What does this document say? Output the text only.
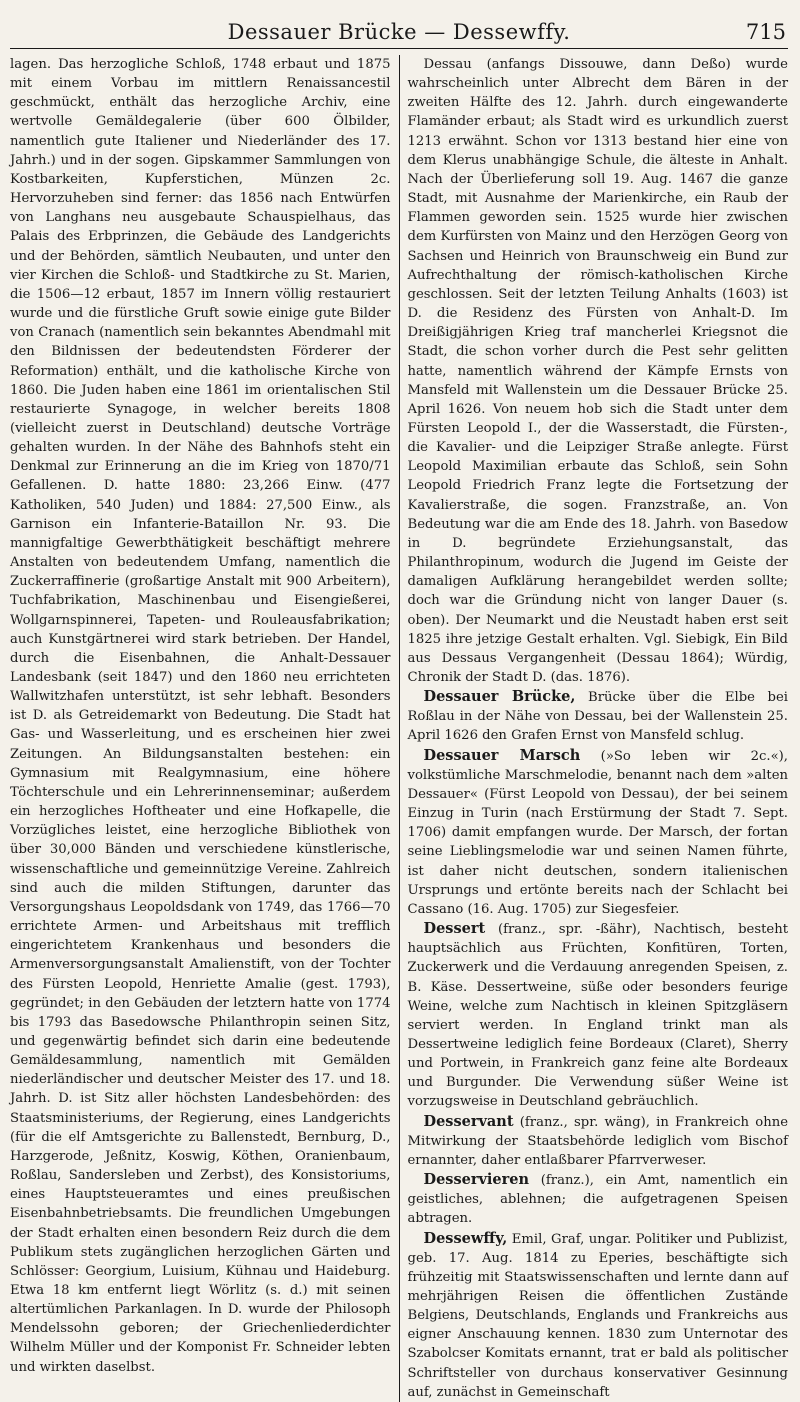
Dessauer Brücke — Dessewffy.	715

lagen. Das herzogliche Schloß, 1748 erbaut und 1875 mit einem Vorbau im mittlern Renaissancestil geschmückt, enthält das herzogliche Archiv, eine wertvolle Gemäldegalerie (über 600 Ölbilder, namentlich gute Italiener und Niederländer des 17. Jahrh.) und in der sogen. Gipskammer Sammlungen von Kostbarkeiten, Kupferstichen, Münzen 2c. Hervorzuheben sind ferner: das 1856 nach Entwürfen von Langhans neu ausgebaute Schauspielhaus, das Palais des Erbprinzen, die Gebäude des Landgerichts und der Behörden, sämtlich Neubauten, und unter den vier Kirchen die Schloß- und Stadtkirche zu St. Marien, die 1506—12 erbaut, 1857 im Innern völlig restauriert wurde und die fürstliche Gruft sowie einige gute Bilder von Cranach (namentlich sein bekanntes Abendmahl mit den Bildnissen der bedeutendsten Förderer der Reformation) enthält, und die katholische Kirche von 1860. Die Juden haben eine 1861 im orientalischen Stil restaurierte Synagoge, in welcher bereits 1808 (vielleicht zuerst in Deutschland) deutsche Vorträge gehalten wurden. In der Nähe des Bahnhofs steht ein Denkmal zur Erinnerung an die im Krieg von 1870/71 Gefallenen. D. hatte 1880: 23,266 Einw. (477 Katholiken, 540 Juden) und 1884: 27,500 Einw., als Garnison ein Infanterie-Bataillon Nr. 93. Die mannigfaltige Gewerbthätigkeit beschäftigt mehrere Anstalten von bedeutendem Umfang, namentlich die Zuckerraffinerie (großartige Anstalt mit 900 Arbeitern), Tuchfabrikation, Maschinenbau und Eisengießerei, Wollgarnspinnerei, Tapeten- und Rouleausfabrikation; auch Kunstgärtnerei wird stark betrieben. Der Handel, durch die Eisenbahnen, die Anhalt-Dessauer Landesbank (seit 1847) und den 1860 neu errichteten Wallwitzhafen unterstützt, ist sehr lebhaft. Besonders ist D. als Getreidemarkt von Bedeutung. Die Stadt hat Gas- und Wasserleitung, und es erscheinen hier zwei Zeitungen. An Bildungsanstalten bestehen: ein Gymnasium mit Realgymnasium, eine höhere Töchterschule und ein Lehrerinnenseminar; außerdem ein herzogliches Hoftheater und eine Hofkapelle, die Vorzügliches leistet, eine herzogliche Bibliothek von über 30,000 Bänden und verschiedene künstlerische, wissenschaftliche und gemeinnützige Vereine. Zahlreich sind auch die milden Stiftungen, darunter das Versorgungshaus Leopoldsdank von 1749, das 1766—70 errichtete Armen- und Arbeitshaus mit trefflich eingerichtetem Krankenhaus und besonders die Armenversorgungsanstalt Amalienstift, von der Tochter des Fürsten Leopold, Henriette Amalie (gest. 1793), gegründet; in den Gebäuden der letztern hatte von 1774 bis 1793 das Basedowsche Philanthropin seinen Sitz, und gegenwärtig befindet sich darin eine bedeutende Gemäldesammlung, namentlich mit Gemälden niederländischer und deutscher Meister des 17. und 18. Jahrh. D. ist Sitz aller höchsten Landesbehörden: des Staatsministeriums, der Regierung, eines Landgerichts (für die elf Amtsgerichte zu Ballenstedt, Bernburg, D., Harzgerode, Jeßnitz, Koswig, Köthen, Oranienbaum, Roßlau, Sandersleben und Zerbst), des Konsistoriums, eines Hauptsteueramtes und eines preußischen Eisenbahnbetriebsamts. Die freundlichen Umgebungen der Stadt erhalten einen besondern Reiz durch die dem Publikum stets zugänglichen herzoglichen Gärten und Schlösser: Georgium, Luisium, Kühnau und Haideburg. Etwa 18 km entfernt liegt Wörlitz (s. d.) mit seinen altertümlichen Parkanlagen. In D. wurde der Philosoph Mendelssohn geboren; der Griechenliederdichter Wilhelm Müller und der Komponist Fr. Schneider lebten und wirkten daselbst.

Dessau (anfangs Dissouwe, dann Deßo) wurde wahrscheinlich unter Albrecht dem Bären in der zweiten Hälfte des 12. Jahrh. durch eingewanderte Flamänder erbaut; als Stadt wird es urkundlich zuerst 1213 erwähnt. Schon vor 1313 bestand hier eine von dem Klerus unabhängige Schule, die älteste in Anhalt. Nach der Überlieferung soll 19. Aug. 1467 die ganze Stadt, mit Ausnahme der Marienkirche, ein Raub der Flammen geworden sein. 1525 wurde hier zwischen dem Kurfürsten von Mainz und den Herzögen Georg von Sachsen und Heinrich von Braunschweig ein Bund zur Aufrechthaltung der römisch-katholischen Kirche geschlossen. Seit der letzten Teilung Anhalts (1603) ist D. die Residenz des Fürsten von Anhalt-D. Im Dreißigjährigen Krieg traf mancherlei Kriegsnot die Stadt, die schon vorher durch die Pest sehr gelitten hatte, namentlich während der Kämpfe Ernsts von Mansfeld mit Wallenstein um die Dessauer Brücke 25. April 1626. Von neuem hob sich die Stadt unter dem Fürsten Leopold I., der die Wasserstadt, die Fürsten-, die Kavalier- und die Leipziger Straße anlegte. Fürst Leopold Maximilian erbaute das Schloß, sein Sohn Leopold Friedrich Franz legte die Fortsetzung der Kavalierstraße, die sogen. Franzstraße, an. Von Bedeutung war die am Ende des 18. Jahrh. von Basedow in D. begründete Erziehungsanstalt, das Philanthropinum, wodurch die Jugend im Geiste der damaligen Aufklärung herangebildet werden sollte; doch war die Gründung nicht von langer Dauer (s. oben). Der Neumarkt und die Neustadt haben erst seit 1825 ihre jetzige Gestalt erhalten. Vgl. Siebigk, Ein Bild aus Dessaus Vergangenheit (Dessau 1864); Würdig, Chronik der Stadt D. (das. 1876).

Dessauer Brücke, Brücke über die Elbe bei Roßlau in der Nähe von Dessau, bei der Wallenstein 25. April 1626 den Grafen Ernst von Mansfeld schlug.

Dessauer Marsch (»So leben wir 2c.«), volkstümliche Marschmelodie, benannt nach dem »alten Dessauer« (Fürst Leopold von Dessau), der bei seinem Einzug in Turin (nach Erstürmung der Stadt 7. Sept. 1706) damit empfangen wurde. Der Marsch, der fortan seine Lieblingsmelodie war und seinen Namen führte, ist daher nicht deutschen, sondern italienischen Ursprungs und ertönte bereits nach der Schlacht bei Cassano (16. Aug. 1705) zur Siegesfeier.

Dessert (franz., spr. -ßähr), Nachtisch, besteht hauptsächlich aus Früchten, Konfitüren, Torten, Zuckerwerk und die Verdauung anregenden Speisen, z. B. Käse. Dessertweine, süße oder besonders feurige Weine, welche zum Nachtisch in kleinen Spitzgläsern serviert werden. In England trinkt man als Dessertweine lediglich feine Bordeaux (Claret), Sherry und Portwein, in Frankreich ganz feine alte Bordeaux und Burgunder. Die Verwendung süßer Weine ist vorzugsweise in Deutschland gebräuchlich.

Desservant (franz., spr. wäng), in Frankreich ohne Mitwirkung der Staatsbehörde lediglich vom Bischof ernannter, daher entlaßbarer Pfarrverweser.

Desservieren (franz.), ein Amt, namentlich ein geistliches, ablehnen; die aufgetragenen Speisen abtragen.

Dessewffy, Emil, Graf, ungar. Politiker und Publizist, geb. 17. Aug. 1814 zu Eperies, beschäftigte sich frühzeitig mit Staatswissenschaften und lernte dann auf mehrjährigen Reisen die öffentlichen Zustände Belgiens, Deutschlands, Englands und Frankreichs aus eigner Anschauung kennen. 1830 zum Unternotar des Szabolcser Komitats ernannt, trat er bald als politischer Schriftsteller von durchaus konservativer Gesinnung auf, zunächst in Gemeinschaft
